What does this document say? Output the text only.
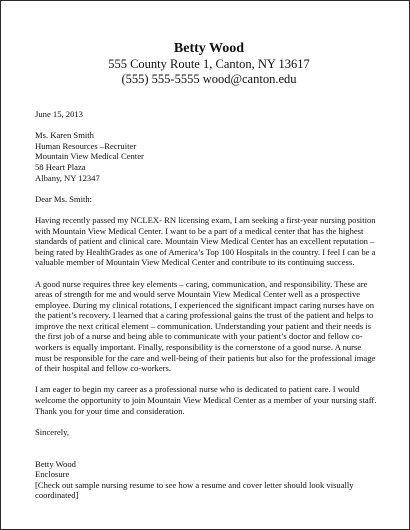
Betty Wood
555 County Route 1, Canton, NY 13617
(555) 555-5555 wood@canton.edu

June 15, 2013

Ms. Karen Smith

Human Resources –Recruiter

Mountain View Medical Center

58 Heart Plaza

Albany, NY 12347

Dear Ms. Smith:

Having recently passed my NCLEX- RN licensing exam, I am seeking a first-year nursing position with Mountain View Medical Center. I want to be a part of a medical center that has the highest standards of patient and clinical care. Mountain View Medical Center has an excellent reputation – being rated by HealthGrades as one of America’s Top 100 Hospitals in the country. I feel I can be a valuable member of Mountain View Medical Center and contribute to its continuing success.

A good nurse requires three key elements – caring, communication, and responsibility. These are areas of strength for me and would serve Mountain View Medical Center well as a prospective employee. During my clinical rotations, I experienced the significant impact caring nurses have on the patient’s recovery. I learned that a caring professional gains the trust of the patient and helps to improve the next critical element – communication. Understanding your patient and their needs is the first job of a nurse and being able to communicate with your patient’s doctor and fellow co-workers is equally important. Finally, responsibility is the cornerstone of a good nurse. A nurse must be responsible for the care and well-being of their patients but also for the professional image of their hospital and fellow co-workers.

I am eager to begin my career as a professional nurse who is dedicated to patient care. I would welcome the opportunity to join Mountain View Medical Center as a member of your nursing staff. Thank you for your time and consideration.

Sincerely,

Betty Wood

Enclosure

[Check out sample nursing resume to see how a resume and cover letter should look visually coordinated]
